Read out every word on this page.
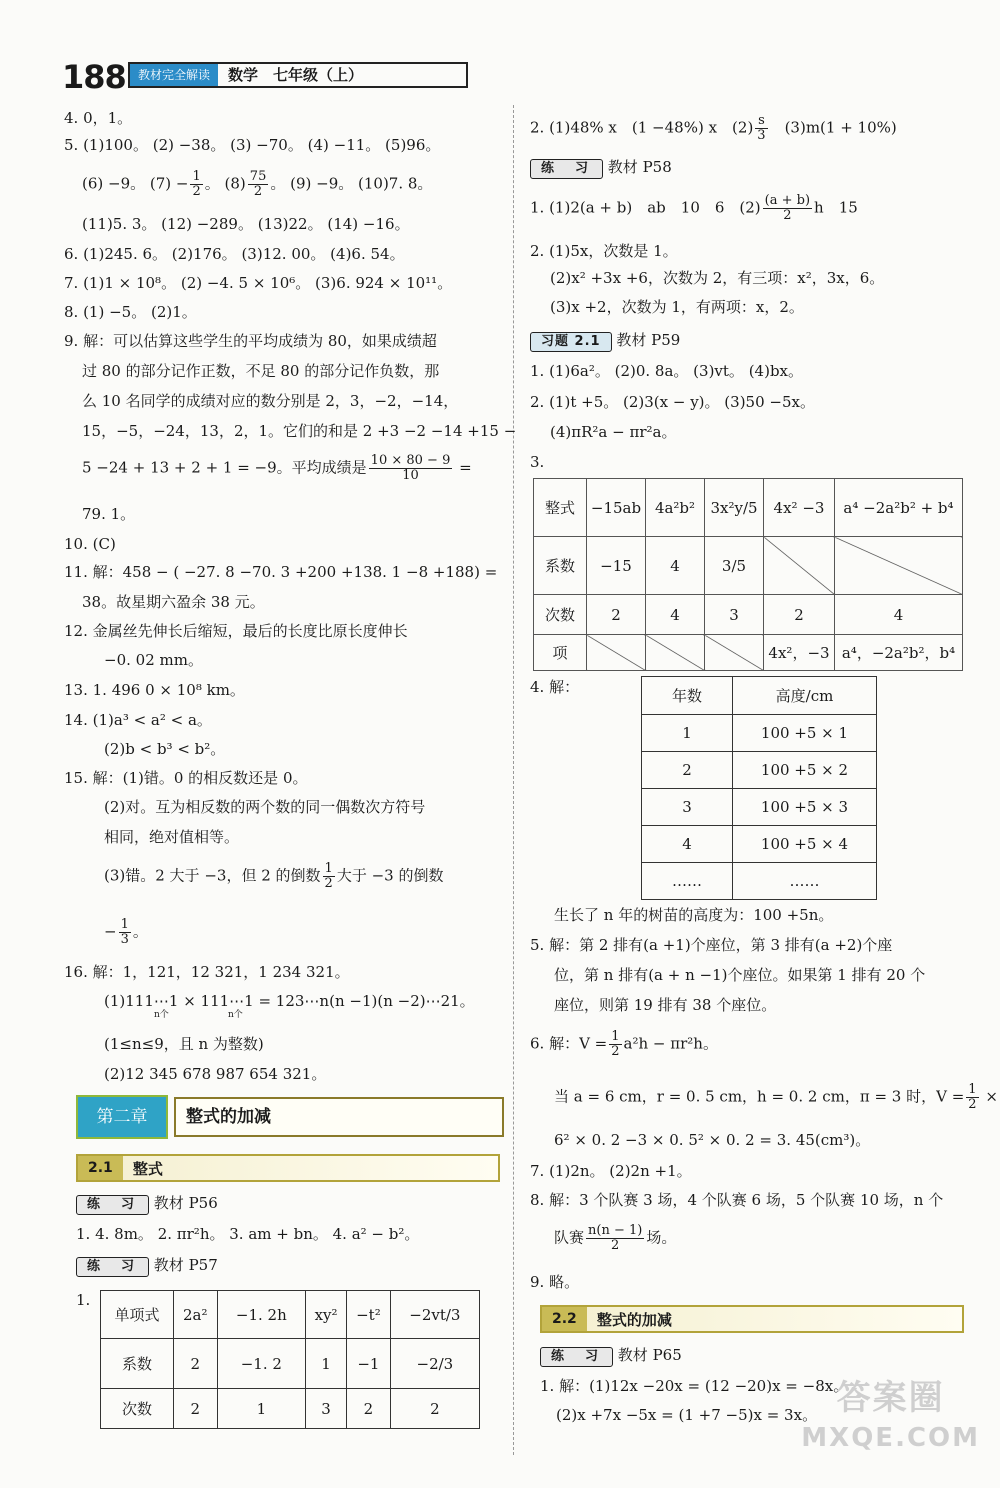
188	教材完全解读	数学　七年级（上）
4. 0，1。
5. (1)100。 (2) −38。 (3) −70。 (4) −11。 (5)96。
(6) −9。 $(7) - \frac{1}{2}$ 。 $(8) \frac{75}{2}$ 。 (9) −9。 (10)7. 8。
(11)5. 3。 (12) −289。 (13)22。 (14) −16。
6. (1)245. 6。 (2)176。 (3)12. 00。 (4)6. 54。
7. (1)1 × 10⁸。 (2) −4. 5 × 10⁶。 (3)6. 924 × 10¹¹。
8. (1) −5。 (2)1。
9. 解：可以估算这些学生的平均成绩为 80，如果成绩超
过 80 的部分记作正数，不足 80 的部分记作负数，那
么 10 名同学的成绩对应的数分别是 2，3，−2，−14，
15，−5，−24，13，2，1。它们的和是 2 +3 −2 −14 +15 −
5 −24 + 13 + 2 + 1 = −9。平均成绩是 $\frac{10 \times 80 - 9}{10}$ =
79. 1。
10. (C)
11. 解：458 − ( −27. 8 −70. 3 +200 +138. 1 −8 +188) =
38。故星期六盈余 38 元。
12. 金属丝先伸长后缩短，最后的长度比原长度伸长
−0. 02 mm。
13. 1. 496 0 × 10⁸ km。
14. (1)a³ < a² < a。
(2)b < b³ < b²。
15. 解：(1)错。0 的相反数还是 0。
(2)对。互为相反数的两个数的同一偶数次方符号
相同，绝对值相等。
(3)错。2 大于 −3，但 2 的倒数 $\frac{1}{2}$ 大于 −3 的倒数
− $\frac{1}{3}$ 。
16. 解：1，121，12 321，1 234 321。
(1)111⋯1 × 111⋯1 = 123⋯n(n −1)(n −2)⋯21。
n个	n个
(1≤n≤9，且 n 为整数)
(2)12 345 678 987 654 321。
第二章	整式的加减
2.1	整式
练　习 教材 P56
1. 4. 8m。 2. πr²h。 3. am + bn。 4. a² − b²。
练　习 教材 P57
1.
单项式	2a²	−1. 2h	xy²	−t²	−2vt/3
系数	2	−1. 2	1	−1	−2/3
次数	2	1	3	2	2
2. (1)48% x　(1 −48%) x　$(2) \frac{s}{3}$ 　(3)m(1 + 10%)
练　习 教材 P58
1. (1)2(a + b)　ab　10　6　$(2) \frac{(a + b)}{2}$ h　15
2. (1)5x，次数是 1。
(2)x² +3x +6，次数为 2，有三项：x²，3x，6。
(3)x +2，次数为 1，有两项：x，2。
习题 2.1 教材 P59
1. (1)6a²。 (2)0. 8a。 (3)vt。 (4)bx。
2. (1)t +5。 (2)3(x − y)。 (3)50 −5x。
(4)πR²a − πr²a。
3.
整式	−15ab	4a²b²	3x²y/5	4x² −3	a⁴ −2a²b² + b⁴
系数	−15	4	3/5		
次数	2	4	3	2	4
项				4x²，−3	a⁴，−2a²b²，b⁴
4. 解：	年数	高度/cm
1	100 +5 × 1
2	100 +5 × 2
3	100 +5 × 3
4	100 +5 × 4
……	……
生长了 n 年的树苗的高度为：100 +5n。
5. 解：第 2 排有(a +1)个座位，第 3 排有(a +2)个座
位，第 n 排有(a + n −1)个座位。如果第 1 排有 20 个
座位，则第 19 排有 38 个座位。
6. 解：$V = \frac{1}{2} a^2h - \pi r^2h$。
当 a = 6 cm，r = 0. 5 cm，h = 0. 2 cm，π = 3 时，$V = \frac{1}{2}$ ×
6² × 0. 2 −3 × 0. 5² × 0. 2 = 3. 45(cm³)。
7. (1)2n。 (2)2n +1。
8. 解：3 个队赛 3 场，4 个队赛 6 场，5 个队赛 10 场，n 个
队赛 $\frac{n(n - 1)}{2}$ 场。
9. 略。
2.2	整式的加减
练　习 教材 P65
1. 解：(1)12x −20x = (12 −20)x = −8x。
(2)x +7x −5x = (1 +7 −5)x = 3x。 答案圈
MXQE.COM
